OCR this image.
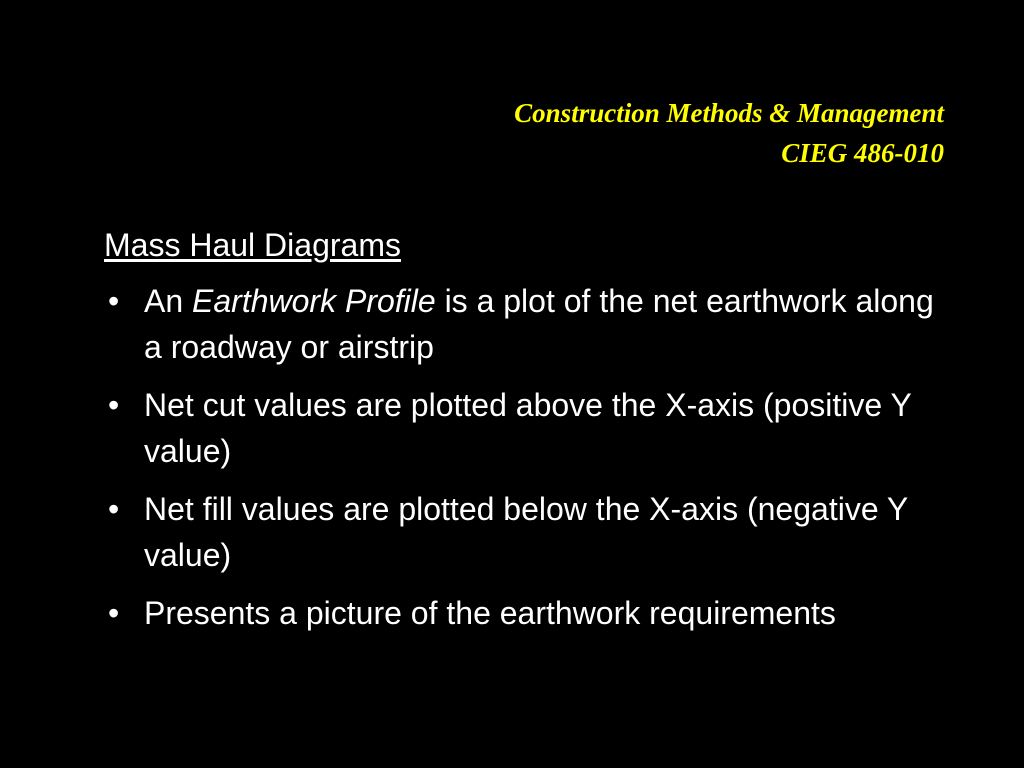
Construction Methods & Management
CIEG 486-010
Mass Haul Diagrams
• An Earthwork Profile is a plot of the net earthwork along a roadway or airstrip
• Net cut values are plotted above the X-axis (positive Y value)
• Net fill values are plotted below the X-axis (negative Y value)
• Presents a picture of the earthwork requirements
